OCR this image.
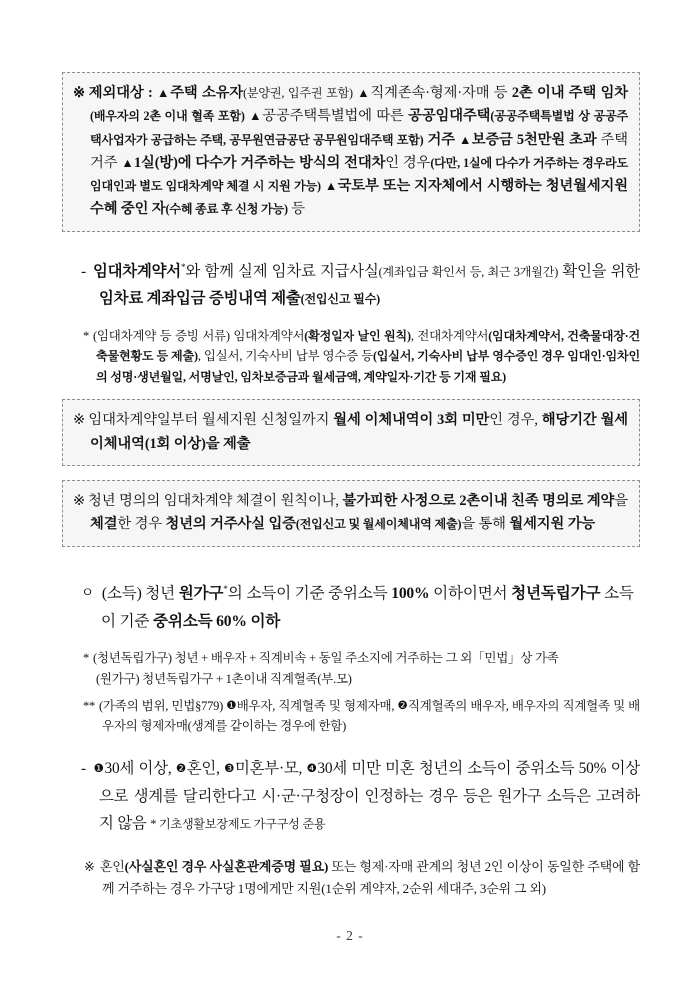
※ 제외대상 : ▲주택 소유자(분양권, 입주권 포함) ▲직계존속·형제·자매 등 2촌 이내 주택 임차(배우자의 2촌 이내 혈족 포함) ▲공공주택특별법에 따른 공공임대주택(공공주택특별법 상 공공주택사업자가 공급하는 주택, 공무원연금공단 공무원임대주택 포함) 거주 ▲보증금 5천만원 초과 주택 거주 ▲1실(방)에 다수가 거주하는 방식의 전대차인 경우(다만, 1실에 다수가 거주하는 경우라도 임대인과 별도 임대차계약 체결 시 지원 가능) ▲국토부 또는 지자체에서 시행하는 청년월세지원 수혜 중인 자(수혜 종료 후 신청 가능) 등

- 임대차계약서*와 함께 실제 임차료 지급사실(계좌입금 확인서 등, 최근 3개월간) 확인을 위한 임차료 계좌입금 증빙내역 제출(전입신고 필수)

* (임대차계약 등 증빙 서류) 임대차계약서(확정일자 날인 원칙), 전대차계약서(임대차계약서, 건축물대장·건축물현황도 등 제출), 입실서, 기숙사비 납부 영수증 등(입실서, 기숙사비 납부 영수증인 경우 임대인·임차인의 성명·생년월일, 서명날인, 임차보증금과 월세금액, 계약일자·기간 등 기재 필요)

※ 임대차계약일부터 월세지원 신청일까지 월세 이체내역이 3회 미만인 경우, 해당기간 월세 이체내역(1회 이상)을 제출

※ 청년 명의의 임대차계약 체결이 원칙이나, 불가피한 사정으로 2촌이내 친족 명의로 계약을 체결한 경우 청년의 거주사실 입증(전입신고 및 월세이체내역 제출)을 통해 월세지원 가능

ㅇ (소득) 청년 원가구*의 소득이 기준 중위소득 100% 이하이면서 청년독립가구 소득이 기준 중위소득 60% 이하

* (청년독립가구) 청년 + 배우자 + 직계비속 + 동일 주소지에 거주하는 그 외「민법」상 가족

(원가구) 청년독립가구 + 1촌이내 직계혈족(부.모)

** (가족의 범위, 민법§779) ❶배우자, 직계혈족 및 형제자매, ❷직계혈족의 배우자, 배우자의 직계혈족 및 배우자의 형제자매(생계를 같이하는 경우에 한함)

- ❶30세 이상, ❷혼인, ❸미혼부·모, ❹30세 미만 미혼 청년의 소득이 중위소득 50% 이상으로 생계를 달리한다고 시·군·구청장이 인정하는 경우 등은 원가구 소득은 고려하지 않음 * 기초생활보장제도 가구구성 준용

※ 혼인(사실혼인 경우 사실혼관계증명 필요) 또는 형제·자매 관계의 청년 2인 이상이 동일한 주택에 함께 거주하는 경우 가구당 1명에게만 지원(1순위 계약자, 2순위 세대주, 3순위 그 외)

- 2 -
